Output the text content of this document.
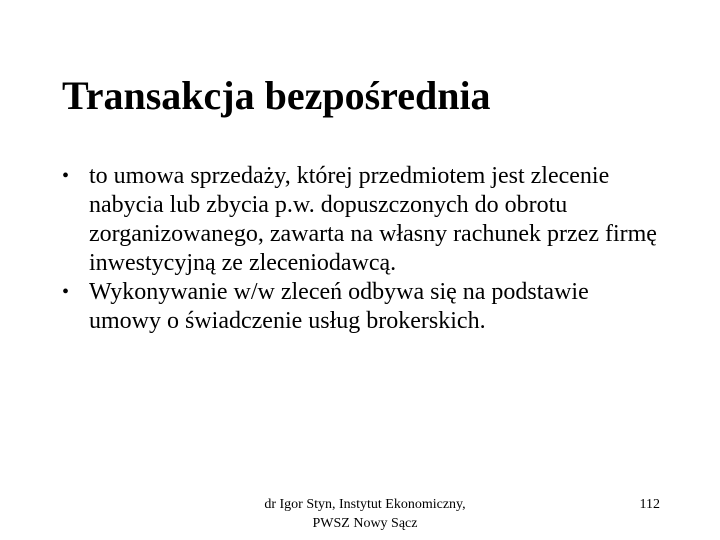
Transakcja bezpośrednia
• to umowa sprzedaży, której przedmiotem jest zlecenie nabycia lub zbycia p.w. dopuszczonych do obrotu zorganizowanego, zawarta na własny rachunek przez firmę inwestycyjną ze zleceniodawcą.
• Wykonywanie w/w zleceń odbywa się na podstawie umowy o świadczenie usług brokerskich.
dr Igor Styn, Instytut Ekonomiczny,
PWSZ Nowy Sącz
112
